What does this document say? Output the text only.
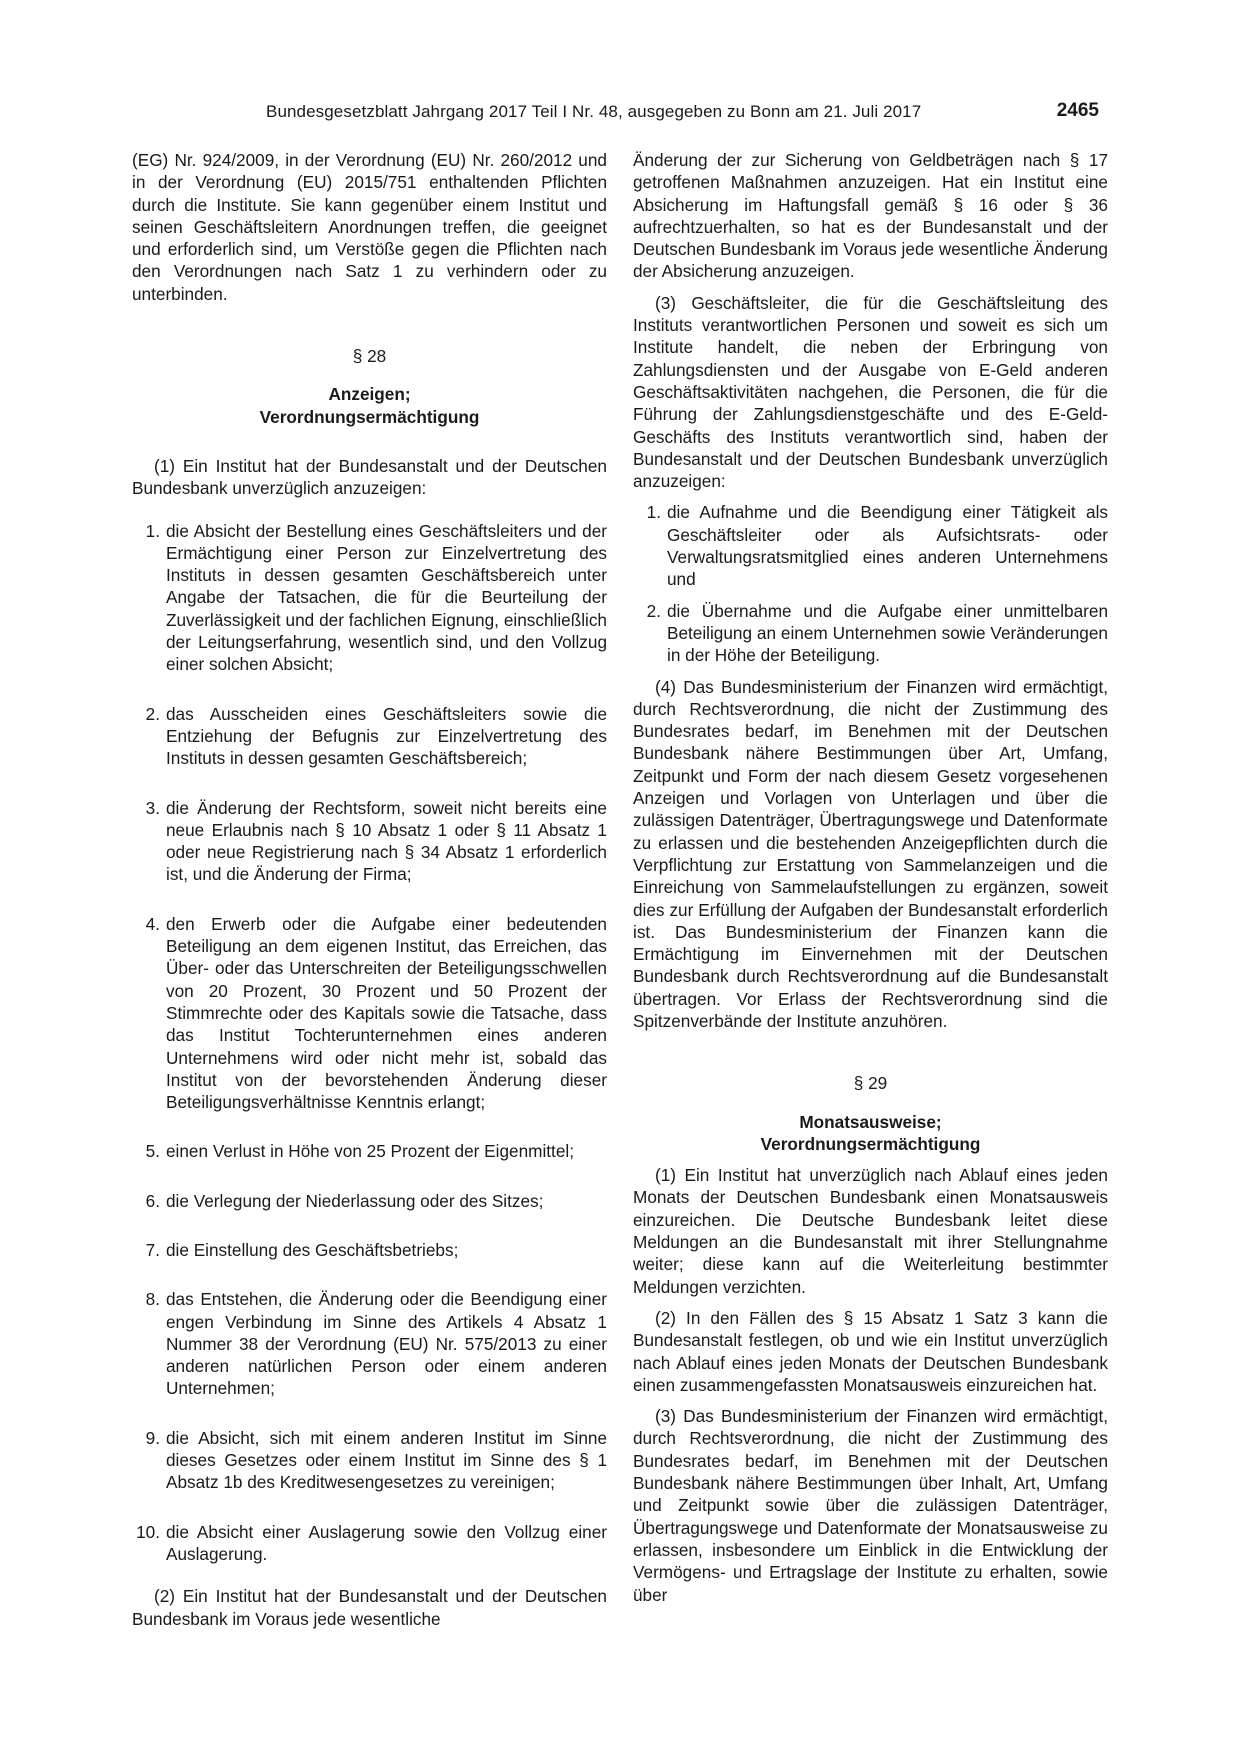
Bundesgesetzblatt Jahrgang 2017 Teil I Nr. 48, ausgegeben zu Bonn am 21. Juli 2017	2465

(EG) Nr. 924/2009, in der Verordnung (EU) Nr. 260/2012 und in der Verordnung (EU) 2015/751 enthaltenden Pflichten durch die Institute. Sie kann gegenüber einem Institut und seinen Geschäftsleitern Anordnungen treffen, die geeignet und erforderlich sind, um Verstöße gegen die Pflichten nach den Verordnungen nach Satz 1 zu verhindern oder zu unterbinden.

§ 28

Anzeigen;
Verordnungsermächtigung

(1) Ein Institut hat der Bundesanstalt und der Deutschen Bundesbank unverzüglich anzuzeigen:

1. die Absicht der Bestellung eines Geschäftsleiters und der Ermächtigung einer Person zur Einzelvertretung des Instituts in dessen gesamten Geschäftsbereich unter Angabe der Tatsachen, die für die Beurteilung der Zuverlässigkeit und der fachlichen Eignung, einschließlich der Leitungserfahrung, wesentlich sind, und den Vollzug einer solchen Absicht;
2. das Ausscheiden eines Geschäftsleiters sowie die Entziehung der Befugnis zur Einzelvertretung des Instituts in dessen gesamten Geschäftsbereich;
3. die Änderung der Rechtsform, soweit nicht bereits eine neue Erlaubnis nach § 10 Absatz 1 oder § 11 Absatz 1 oder neue Registrierung nach § 34 Absatz 1 erforderlich ist, und die Änderung der Firma;
4. den Erwerb oder die Aufgabe einer bedeutenden Beteiligung an dem eigenen Institut, das Erreichen, das Über- oder das Unterschreiten der Beteiligungsschwellen von 20 Prozent, 30 Prozent und 50 Prozent der Stimmrechte oder des Kapitals sowie die Tatsache, dass das Institut Tochterunternehmen eines anderen Unternehmens wird oder nicht mehr ist, sobald das Institut von der bevorstehenden Änderung dieser Beteiligungsverhältnisse Kenntnis erlangt;
5. einen Verlust in Höhe von 25 Prozent der Eigenmittel;
6. die Verlegung der Niederlassung oder des Sitzes;
7. die Einstellung des Geschäftsbetriebs;
8. das Entstehen, die Änderung oder die Beendigung einer engen Verbindung im Sinne des Artikels 4 Absatz 1 Nummer 38 der Verordnung (EU) Nr. 575/2013 zu einer anderen natürlichen Person oder einem anderen Unternehmen;
9. die Absicht, sich mit einem anderen Institut im Sinne dieses Gesetzes oder einem Institut im Sinne des § 1 Absatz 1b des Kreditwesengesetzes zu vereinigen;
10. die Absicht einer Auslagerung sowie den Vollzug einer Auslagerung.

(2) Ein Institut hat der Bundesanstalt und der Deutschen Bundesbank im Voraus jede wesentliche

Änderung der zur Sicherung von Geldbeträgen nach § 17 getroffenen Maßnahmen anzuzeigen. Hat ein Institut eine Absicherung im Haftungsfall gemäß § 16 oder § 36 aufrechtzuerhalten, so hat es der Bundesanstalt und der Deutschen Bundesbank im Voraus jede wesentliche Änderung der Absicherung anzuzeigen.

(3) Geschäftsleiter, die für die Geschäftsleitung des Instituts verantwortlichen Personen und soweit es sich um Institute handelt, die neben der Erbringung von Zahlungsdiensten und der Ausgabe von E-Geld anderen Geschäftsaktivitäten nachgehen, die Personen, die für die Führung der Zahlungsdienstgeschäfte und des E-Geld-Geschäfts des Instituts verantwortlich sind, haben der Bundesanstalt und der Deutschen Bundesbank unverzüglich anzuzeigen:

1. die Aufnahme und die Beendigung einer Tätigkeit als Geschäftsleiter oder als Aufsichtsrats- oder Verwaltungsratsmitglied eines anderen Unternehmens und
2. die Übernahme und die Aufgabe einer unmittelbaren Beteiligung an einem Unternehmen sowie Veränderungen in der Höhe der Beteiligung.

(4) Das Bundesministerium der Finanzen wird ermächtigt, durch Rechtsverordnung, die nicht der Zustimmung des Bundesrates bedarf, im Benehmen mit der Deutschen Bundesbank nähere Bestimmungen über Art, Umfang, Zeitpunkt und Form der nach diesem Gesetz vorgesehenen Anzeigen und Vorlagen von Unterlagen und über die zulässigen Datenträger, Übertragungswege und Datenformate zu erlassen und die bestehenden Anzeigepflichten durch die Verpflichtung zur Erstattung von Sammelanzeigen und die Einreichung von Sammelaufstellungen zu ergänzen, soweit dies zur Erfüllung der Aufgaben der Bundesanstalt erforderlich ist. Das Bundesministerium der Finanzen kann die Ermächtigung im Einvernehmen mit der Deutschen Bundesbank durch Rechtsverordnung auf die Bundesanstalt übertragen. Vor Erlass der Rechtsverordnung sind die Spitzenverbände der Institute anzuhören.

§ 29

Monatsausweise;
Verordnungsermächtigung

(1) Ein Institut hat unverzüglich nach Ablauf eines jeden Monats der Deutschen Bundesbank einen Monatsausweis einzureichen. Die Deutsche Bundesbank leitet diese Meldungen an die Bundesanstalt mit ihrer Stellungnahme weiter; diese kann auf die Weiterleitung bestimmter Meldungen verzichten.

(2) In den Fällen des § 15 Absatz 1 Satz 3 kann die Bundesanstalt festlegen, ob und wie ein Institut unverzüglich nach Ablauf eines jeden Monats der Deutschen Bundesbank einen zusammengefassten Monatsausweis einzureichen hat.

(3) Das Bundesministerium der Finanzen wird ermächtigt, durch Rechtsverordnung, die nicht der Zustimmung des Bundesrates bedarf, im Benehmen mit der Deutschen Bundesbank nähere Bestimmungen über Inhalt, Art, Umfang und Zeitpunkt sowie über die zulässigen Datenträger, Übertragungswege und Datenformate der Monatsausweise zu erlassen, insbesondere um Einblick in die Entwicklung der Vermögens- und Ertragslage der Institute zu erhalten, sowie über
